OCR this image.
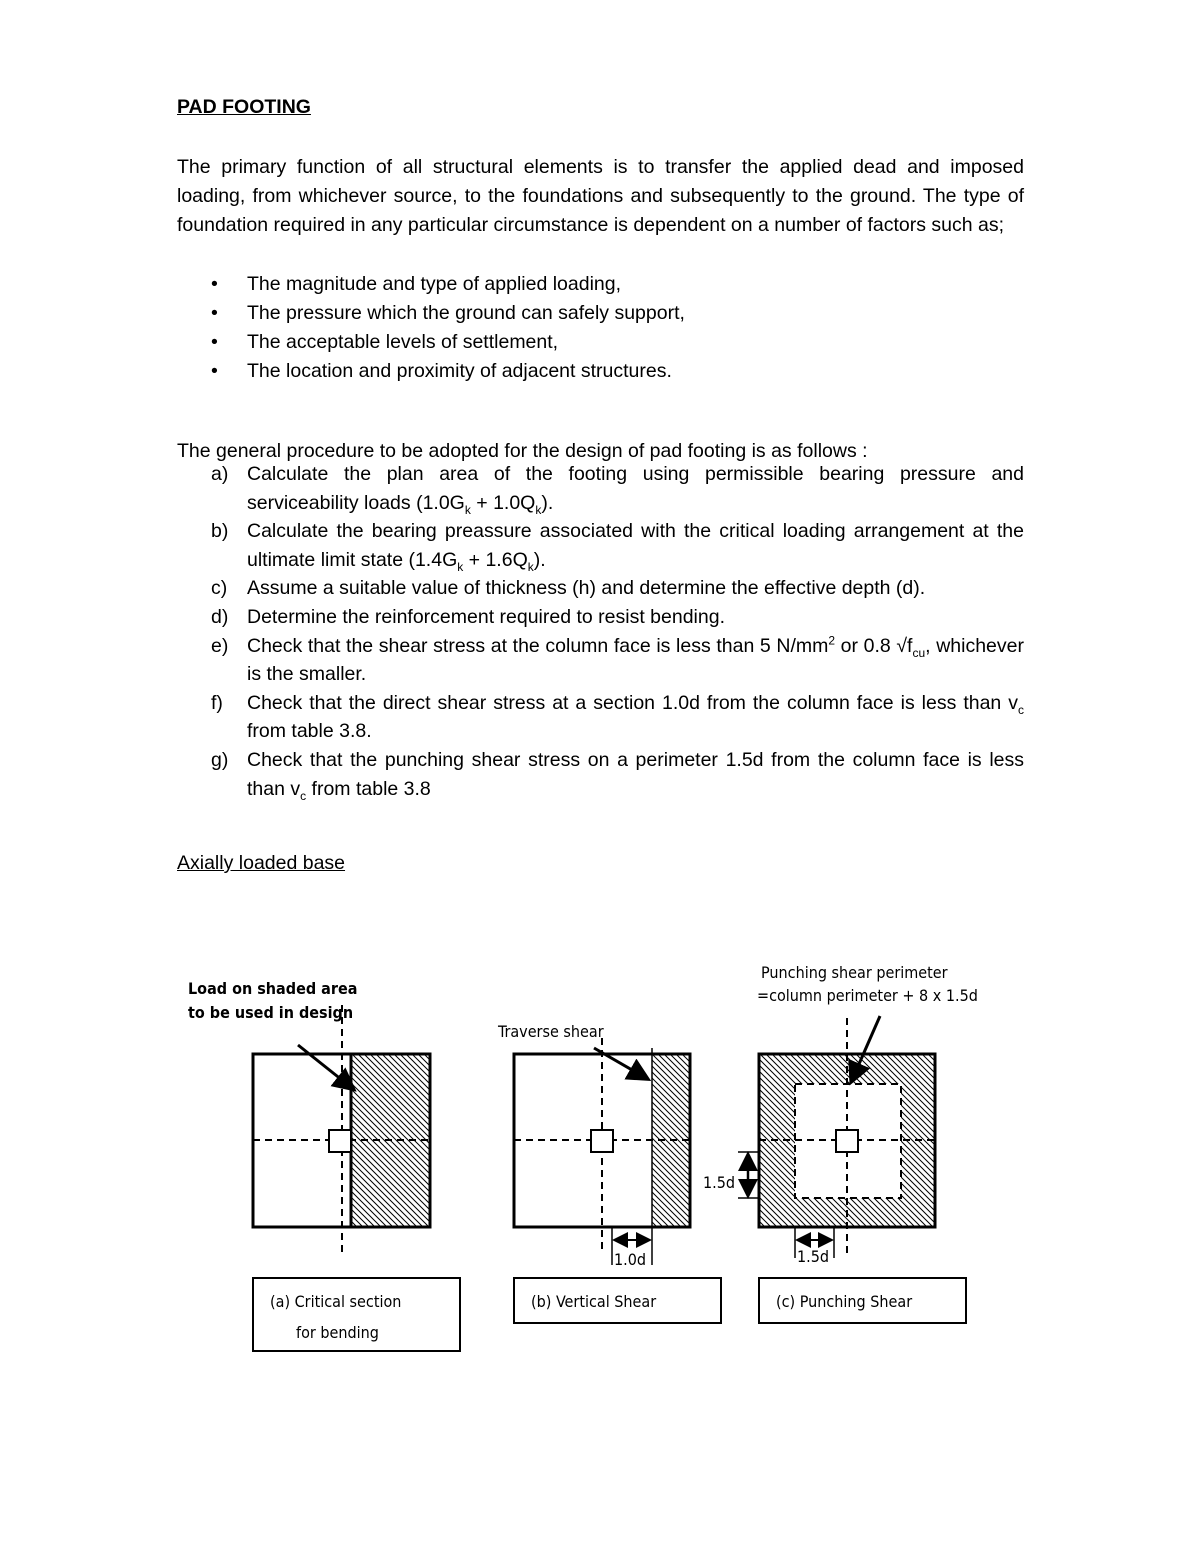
PAD FOOTING
The primary function of all structural elements is to transfer the applied dead and imposed loading, from whichever source, to the foundations and subsequently to the ground. The type of foundation required in any particular circumstance is dependent on a number of factors such as;
• The magnitude and type of applied loading,
• The pressure which the ground can safely support,
• The acceptable levels of settlement,
• The location and proximity of adjacent structures.
The general procedure to be adopted for the design of pad footing is as follows :
a) Calculate the plan area of the footing using permissible bearing pressure and serviceability loads $(1.0G_k + 1.0Q_k)$.
b) Calculate the bearing preassure associated with the critical loading arrangement at the ultimate limit state $(1.4G_k + 1.6Q_k)$.
c) Assume a suitable value of thickness (h) and determine the effective depth (d).
d) Determine the reinforcement required to resist bending.
e) Check that the shear stress at the column face is less than 5 $N/mm^2$ or 0.8 $√f_{cu}$, whichever is the smaller.
f) Check that the direct shear stress at a section 1.0d from the column face is less than $v_c$ from table 3.8.
g) Check that the punching shear stress on a perimeter 1.5d from the column face is less than $v_c$ from table 3.8
Axially loaded base
Load on shaded area
to be used in design
(a) Critical section
for bending
Traverse shear
1.0d
(b) Vertical Shear
Punching shear perimeter
=column perimeter + 8 x 1.5d
1.5d
1.5d
(c) Punching Shear
